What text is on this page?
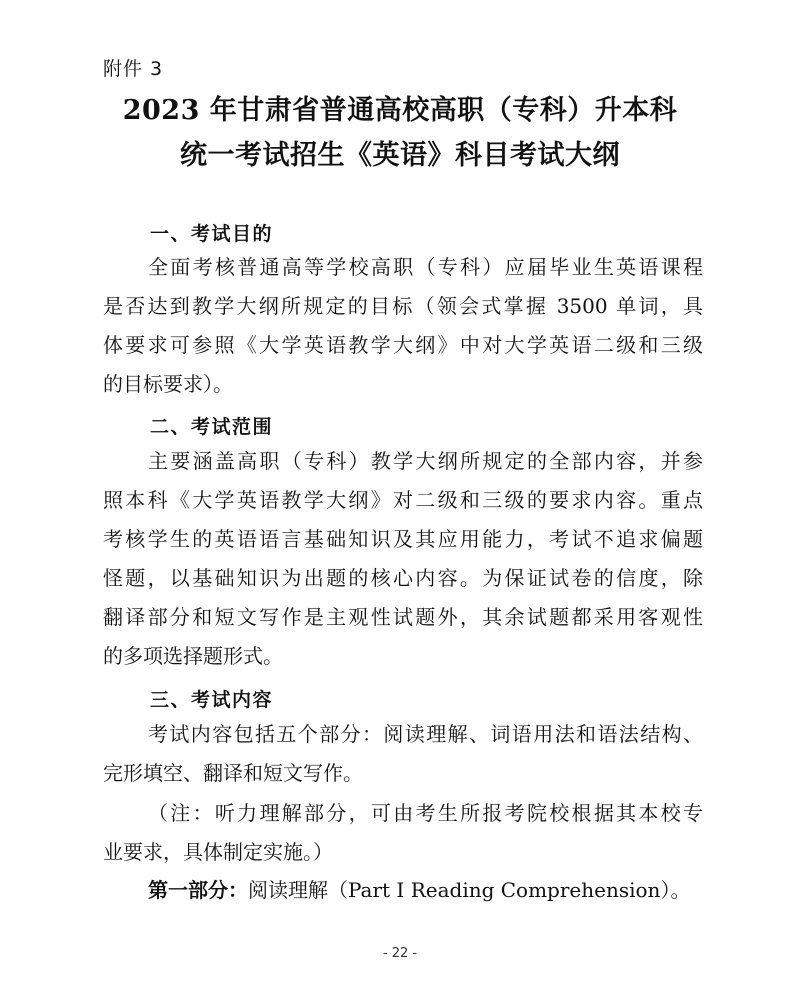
附件 3
2023 年甘肃省普通高校高职（专科）升本科
统一考试招生《英语》科目考试大纲
一、考试目的
全面考核普通高等学校高职（专科）应届毕业生英语课程
是否达到教学大纲所规定的目标（领会式掌握 3500 单词，具
体要求可参照《大学英语教学大纲》中对大学英语二级和三级
的目标要求）。
二、考试范围
主要涵盖高职（专科）教学大纲所规定的全部内容，并参
照本科《大学英语教学大纲》对二级和三级的要求内容。重点
考核学生的英语语言基础知识及其应用能力，考试不追求偏题
怪题，以基础知识为出题的核心内容。为保证试卷的信度，除
翻译部分和短文写作是主观性试题外，其余试题都采用客观性
的多项选择题形式。
三、考试内容
考试内容包括五个部分：阅读理解、词语用法和语法结构、
完形填空、翻译和短文写作。
（注：听力理解部分，可由考生所报考院校根据其本校专
业要求，具体制定实施。）
第一部分：阅读理解（Part I Reading Comprehension）。
- 22 -
